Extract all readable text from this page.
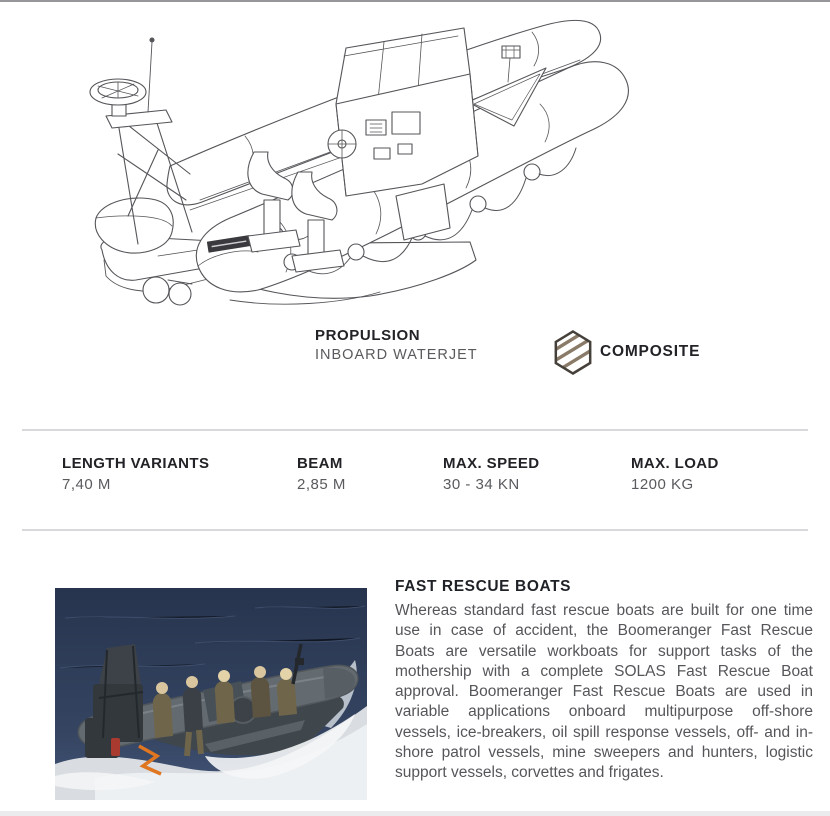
PROPULSION
INBOARD WATERJET	COMPOSITE
LENGTH VARIANTS
7,40 M
BEAM
2,85 M
MAX. SPEED
30 - 34 KN
MAX. LOAD
1200 KG
FAST RESCUE BOATS
Whereas standard fast rescue boats are built for one time use in case of accident, the Boomeranger Fast Rescue Boats are versatile workboats for support tasks of the mothership with a complete SOLAS Fast Rescue Boat approval. Boomeranger Fast Rescue Boats are used in variable applications onboard multipurpose off-shore vessels, ice-breakers, oil spill response vessels, off- and in-shore patrol vessels, mine sweepers and hunters, logistic support vessels, corvettes and frigates.
